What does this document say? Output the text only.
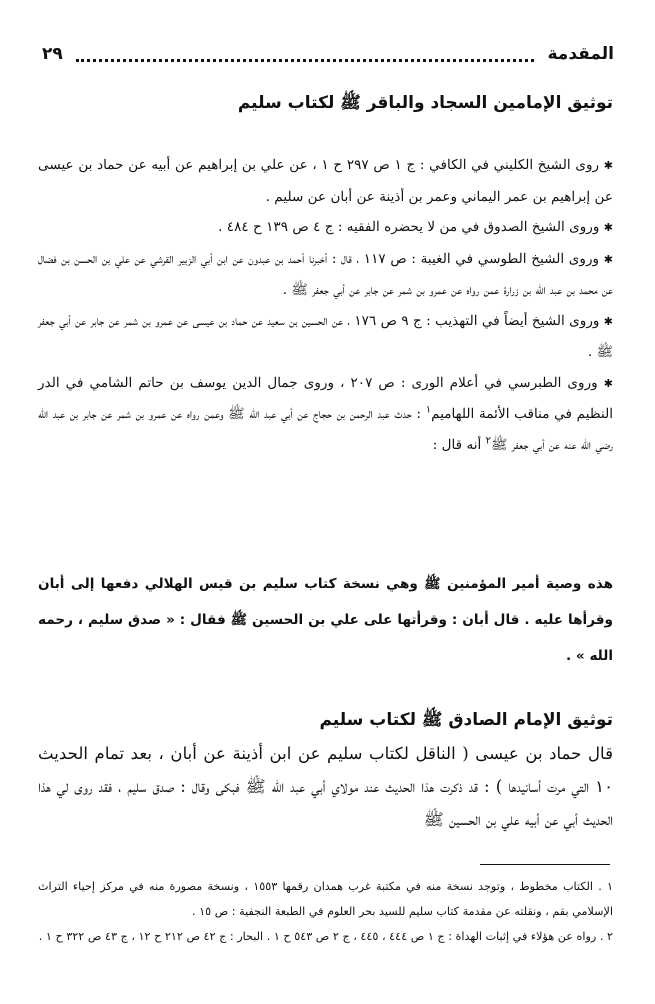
المقدمة
٢٩
توثيق الإمامين السجاد والباقر ﷺ لكتاب سليم

✱ روى الشيخ الكليني في الكافي : ج ١ ص ٢٩٧ ح ١ ، عن علي بن إبراهيم عن أبيه عن حماد بن عيسى عن إبراهيم بن عمر اليماني وعمر بن أذينة عن أبان عن سليم .

✱ وروى الشيخ الصدوق في من لا يحضره الفقيه : ج ٤ ص ١٣٩ ح ٤٨٤ .

✱ وروى الشيخ الطوسي في الغيبة : ص ١١٧ ، قال : أخبرنا أحمد بن عبدون عن ابن أبي الزبير القرشي عن علي بن الحسن بن فضال عن محمد بن عبد الله بن زرارة عمن رواه عن عمرو بن شمر عن جابر عن أبي جعفر ﷺ .

✱ وروى الشيخ أيضاً في التهذيب : ج ٩ ص ١٧٦ ، عن الحسين بن سعيد عن حماد بن عيسى عن عمرو بن شمر عن جابر عن أبي جعفر ﷺ .

✱ وروى الطبرسي في أعلام الورى : ص ٢٠٧ ، وروى جمال الدين يوسف بن حاتم الشامي في الدر النظيم في مناقب الأئمة اللهاميم$^١$ : حدث عبد الرحمن بن حجاج عن أبي عبد الله ﷺ وعمن رواه عن عمرو بن شمر عن جابر بن عبد الله رضي الله عنه عن أبي جعفر ﷺ$^٢$ أنه قال :

هذه وصية أمير المؤمنين ﷺ وهي نسخة كتاب سليم بن قيس الهلالي دفعها إلى أبان وقرأها عليه . قال أبان : وقرأتها على علي بن الحسين ﷺ فقال : « صدق سليم ، رحمه الله » .

توثيق الإمام الصادق ﷺ لكتاب سليم

قال حماد بن عيسى ( الناقل لكتاب سليم عن ابن أذينة عن أبان ، بعد تمام الحديث ١٠ التي مرت أسانيدها ) : قد ذكرت هذا الحديث عند مولاي أبي عبد الله ﷺ فبكى وقال : صدق سليم ، فقد روى لي هذا الحديث أبي عن أبيه علي بن الحسين ﷺ

١ . الكتاب مخطوط ، وتوجد نسخة منه في مكتبة غرب همدان رقمها ١٥٥٣ ، ونسخة مصورة منه في مركز إحياء التراث الإسلامي بقم ، ونقلته عن مقدمة كتاب سليم للسيد بحر العلوم في الطبعة النجفية : ص ١٥ .

٢ . رواه عن هؤلاء في إثبات الهداة : ج ١ ص ٤٤٤ ، ٤٤٥ ، ج ٢ ص ٥٤٣ ح ١ . البحار : ج ٤٢ ص ٢١٢ ح ١٢ ، ج ٤٣ ص ٣٢٢ ح ١ .
